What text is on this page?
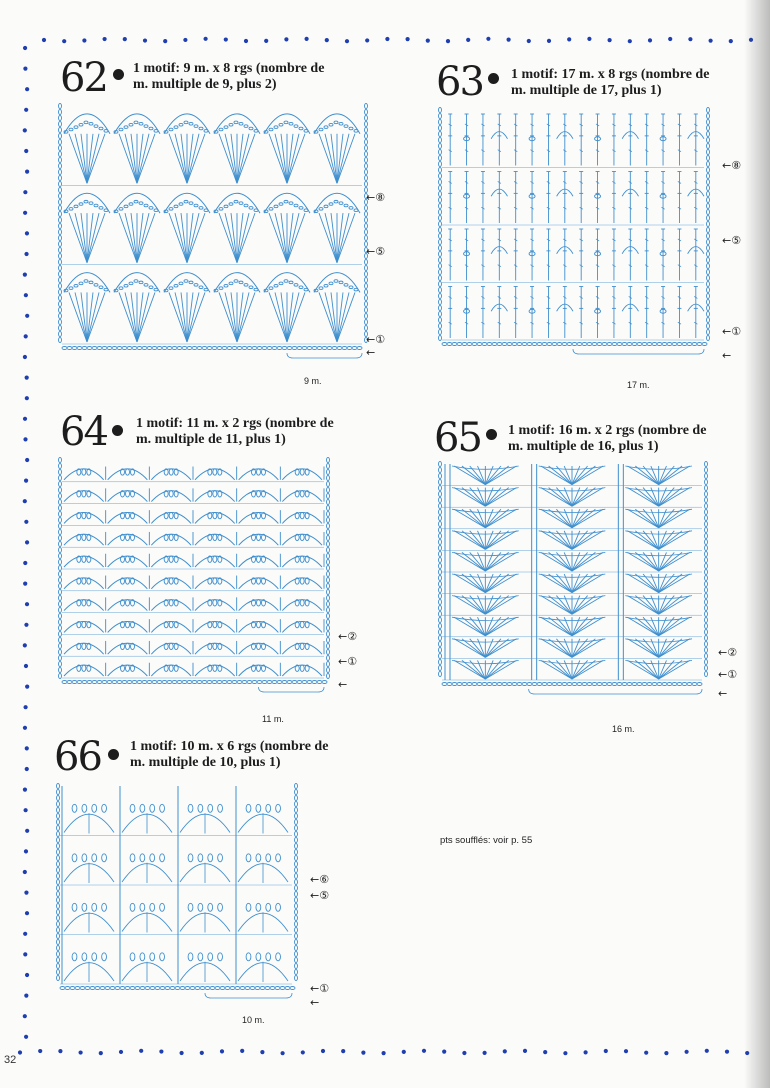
62 1 motif: 9 m. x 8 rgs (nombre de
m. multiple de 9, plus 2)
←⑧
←⑤
←①
←
9 m.
63 1 motif: 17 m. x 8 rgs (nombre de
m. multiple de 17, plus 1)
←⑧
←⑤
←①
←
17 m.
64 1 motif: 11 m. x 2 rgs (nombre de
m. multiple de 11, plus 1)
←②
←①
←
11 m.
65 1 motif: 16 m. x 2 rgs (nombre de
m. multiple de 16, plus 1)
←②
←①
←
16 m.
66 1 motif: 10 m. x 6 rgs (nombre de
m. multiple de 10, plus 1)
←⑥
←⑤
←①
←
10 m.
pts soufflés: voir p. 55
32
